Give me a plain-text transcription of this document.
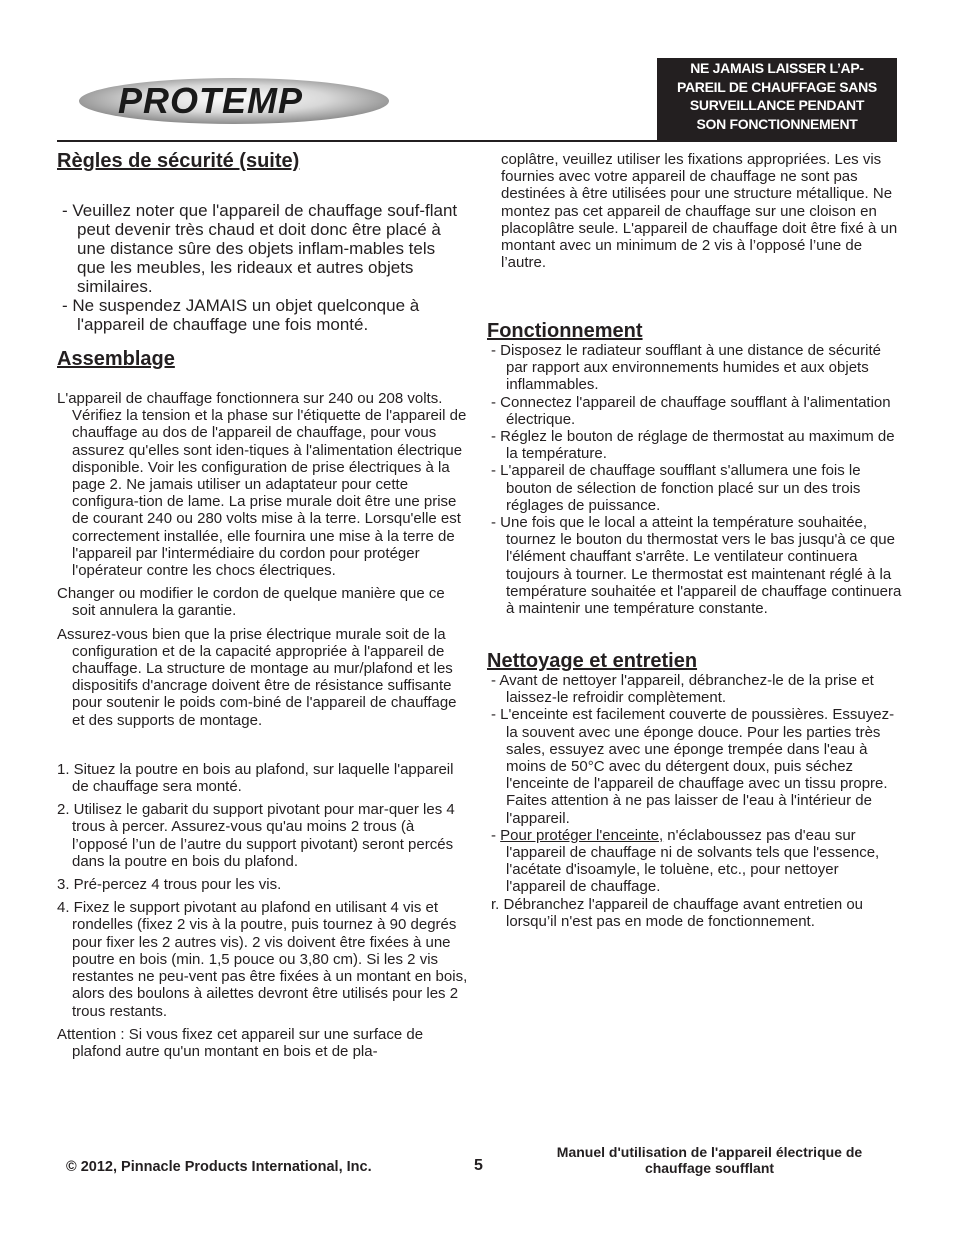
PROTEMP
NE JAMAIS LAISSER L’AP-
PAREIL DE CHAUFFAGE SANS
SURVEILLANCE PENDANT
SON FONCTIONNEMENT
Règles de sécurité (suite)

- Veuillez noter que l'appareil de chauffage souf-flant peut devenir très chaud et doit donc être placé à une distance sûre des objets inflam-mables tels que les meubles, les rideaux et autres objets similaires.

- Ne suspendez JAMAIS un objet quelconque à l'appareil de chauffage une fois monté.

Assemblage

L'appareil de chauffage fonctionnera sur 240 ou 208 volts. Vérifiez la tension et la phase sur l'étiquette de l'appareil de chauffage au dos de l'appareil de chauffage, pour vous assurez qu'elles sont iden-tiques à l'alimentation électrique disponible. Voir les configuration de prise électriques à la page 2. Ne jamais utiliser un adaptateur pour cette configura-tion de lame. La prise murale doit être une prise de courant 240 ou 280 volts mise à la terre. Lorsqu'elle est correctement installée, elle fournira une mise à la terre de l'appareil par l'intermédiaire du cordon pour protéger l'opérateur contre les chocs électriques.

Changer ou modifier le cordon de quelque manière que ce soit annulera la garantie.

Assurez-vous bien que la prise électrique murale soit de la configuration et de la capacité appropriée à l'appareil de chauffage. La structure de montage au mur/plafond et les dispositifs d'ancrage doivent être de résistance suffisante pour soutenir le poids com-biné de l'appareil de chauffage et des supports de montage.

1. Situez la poutre en bois au plafond, sur laquelle l'appareil de chauffage sera monté.

2. Utilisez le gabarit du support pivotant pour mar-quer les 4 trous à percer. Assurez-vous qu'au moins 2 trous (à l’opposé l’un de l’autre du support pivotant) seront percés dans la poutre en bois du plafond.

3. Pré-percez 4 trous pour les vis.

4. Fixez le support pivotant au plafond en utilisant 4 vis et rondelles (fixez 2 vis à la poutre, puis tournez à 90 degrés pour fixer les 2 autres vis). 2 vis doivent être fixées à une poutre en bois (min. 1,5 pouce ou 3,80 cm). Si les 2 vis restantes ne peu-vent pas être fixées à un montant en bois, alors des boulons à ailettes devront être utilisés pour les 2 trous restants.

Attention : Si vous fixez cet appareil sur une surface de plafond autre qu'un montant en bois et de pla-

coplâtre, veuillez utiliser les fixations appropriées. Les vis fournies avec votre appareil de chauffage ne sont pas destinées à être utilisées pour une structure métallique. Ne montez pas cet appareil de chauffage sur une cloison en placoplâtre seule. L'appareil de chauffage doit être fixé à un montant avec un minimum de 2 vis à l’opposé l’une de l’autre.

Fonctionnement

- Disposez le radiateur soufflant à une distance de sécurité par rapport aux environnements humides et aux objets inflammables.

- Connectez l'appareil de chauffage soufflant à l'alimentation électrique.

- Réglez le bouton de réglage de thermostat au maximum de la température.

- L'appareil de chauffage soufflant s'allumera une fois le bouton de sélection de fonction placé sur un des trois réglages de puissance.

- Une fois que le local a atteint la température souhaitée, tournez le bouton du thermostat vers le bas jusqu'à ce que l'élément chauffant s'arrête. Le ventilateur continuera toujours à tourner. Le thermostat est maintenant réglé à la température souhaitée et l'appareil de chauffage continuera à maintenir une température constante.

Nettoyage et entretien

- Avant de nettoyer l'appareil, débranchez-le de la prise et laissez-le refroidir complètement.

- L'enceinte est facilement couverte de poussières. Essuyez-la souvent avec une éponge douce. Pour les parties très sales, essuyez avec une éponge trempée dans l'eau à moins de 50°C avec du détergent doux, puis séchez l'enceinte de l'appareil de chauffage avec un tissu propre. Faites attention à ne pas laisser de l'eau à l'intérieur de l'appareil.

- Pour protéger l'enceinte, n'éclaboussez pas d'eau sur l'appareil de chauffage ni de solvants tels que l'essence, l'acétate d'isoamyle, le toluène, etc., pour nettoyer l'appareil de chauffage.

r. Débranchez l'appareil de chauffage avant entretien ou lorsqu’il n'est pas en mode de fonctionnement.

© 2012, Pinnacle Products International, Inc.	5
Manuel d'utilisation de l'appareil électrique de
chauffage soufflant
